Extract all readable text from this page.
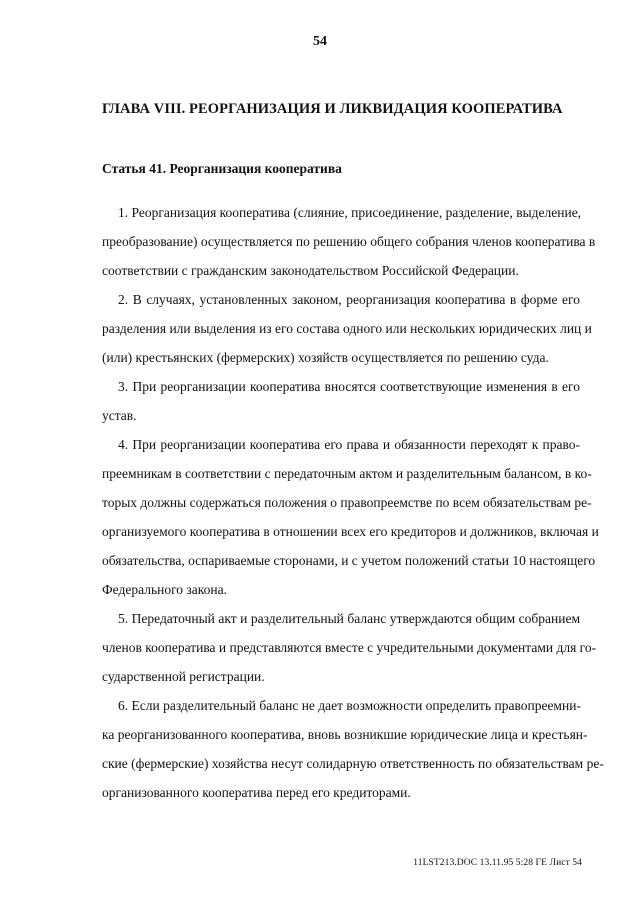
54
ГЛАВА VIII. РЕОРГАНИЗАЦИЯ И ЛИКВИДАЦИЯ КООПЕРАТИВА
Статья 41. Реорганизация кооператива
1. Реорганизация кооператива (слияние, присоединение, разделение, выделение,
преобразование) осуществляется по решению общего собрания членов кооператива в
соответствии с гражданским законодательством Российской Федерации.
2. В случаях, установленных законом, реорганизация кооператива в форме его
разделения или выделения из его состава одного или нескольких юридических лиц и
(или) крестьянских (фермерских) хозяйств осуществляется по решению суда.
3. При реорганизации кооператива вносятся соответствующие изменения в его
устав.
4. При реорганизации кооператива его права и обязанности переходят к право-
преемникам в соответствии с передаточным актом и разделительным балансом, в ко-
торых должны содержаться положения о правопреемстве по всем обязательствам ре-
организуемого кооператива в отношении всех его кредиторов и должников, включая и
обязательства, оспариваемые сторонами, и с учетом положений статьи 10 настоящего
Федерального закона.
5. Передаточный акт и разделительный баланс утверждаются общим собранием
членов кооператива и представляются вместе с учредительными документами для го-
сударственной регистрации.
6. Если разделительный баланс не дает возможности определить правопреемни-
ка реорганизованного кооператива, вновь возникшие юридические лица и крестьян-
ские (фермерские) хозяйства несут солидарную ответственность по обязательствам ре-
организованного кооператива перед его кредиторами.
11LST213.DOC 13.11.95 5:28 ГЕ Лист 54
